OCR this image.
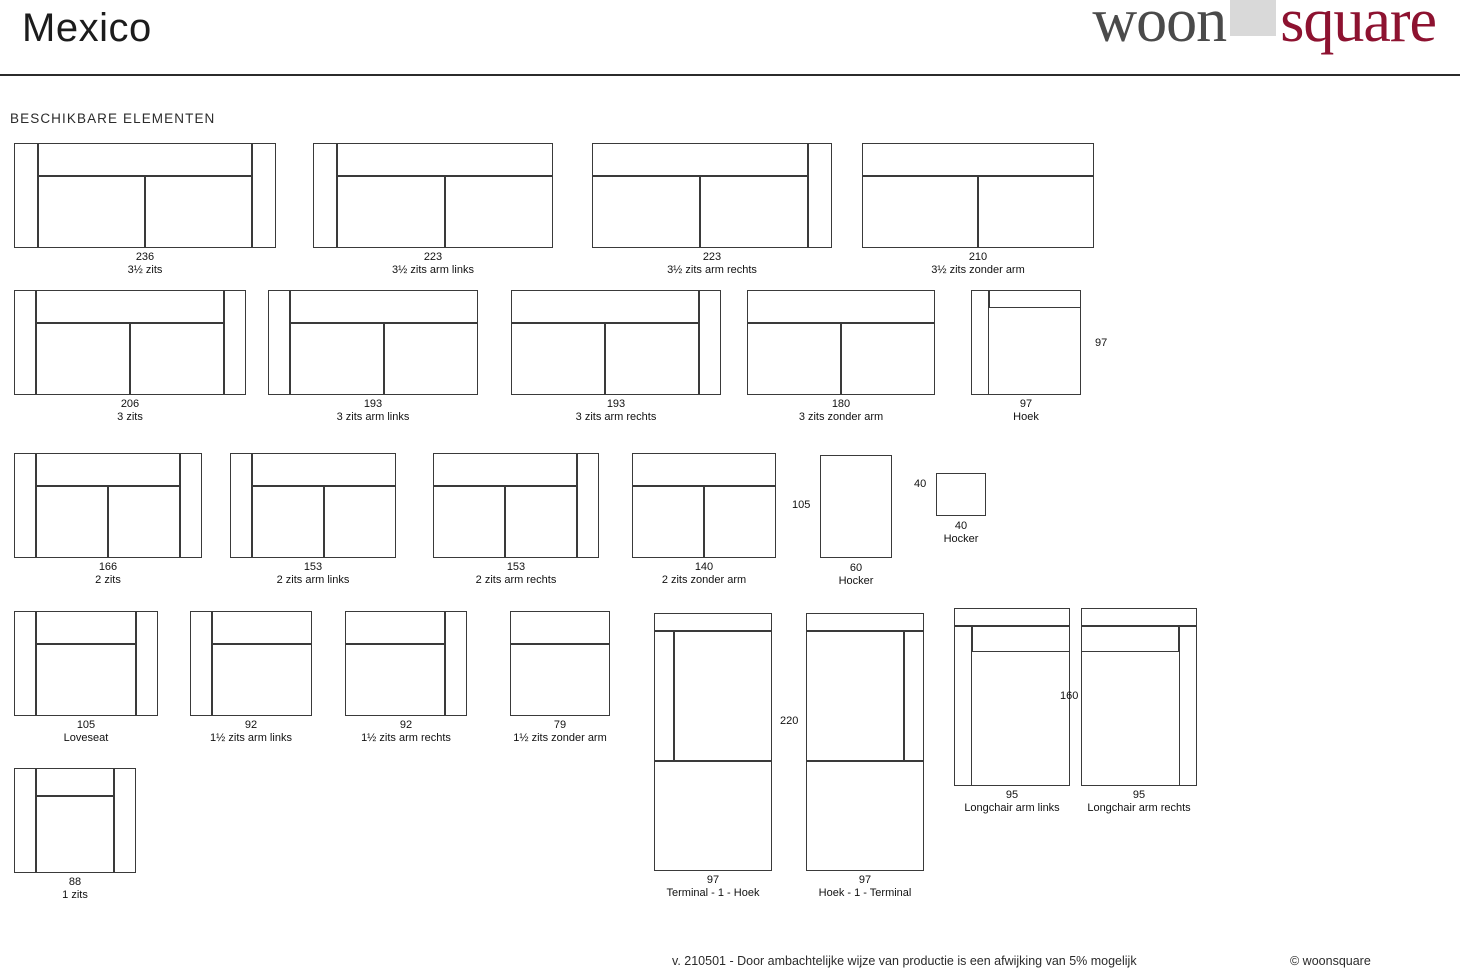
Mexico	woon square
BESCHIKBARE ELEMENTEN
236
3½ zits
223
3½ zits arm links
223
3½ zits arm rechts
210
3½ zits zonder arm
206
3 zits
193
3 zits arm links
193
3 zits arm rechts
180
3 zits zonder arm
97
Hoek
97
166
2 zits
153
2 zits arm links
153
2 zits arm rechts
140
2 zits zonder arm
60
Hocker
105
40
Hocker
40
105
Loveseat
92
1½ zits arm links
92
1½ zits arm rechts
79
1½ zits zonder arm
97
Terminal - 1 - Hoek
220
97
Hoek - 1 - Terminal
95
Longchair arm links
160
95
Longchair arm rechts
88
1 zits
v. 210501 - Door ambachtelijke wijze van productie is een afwijking van 5% mogelijk	© woonsquare
